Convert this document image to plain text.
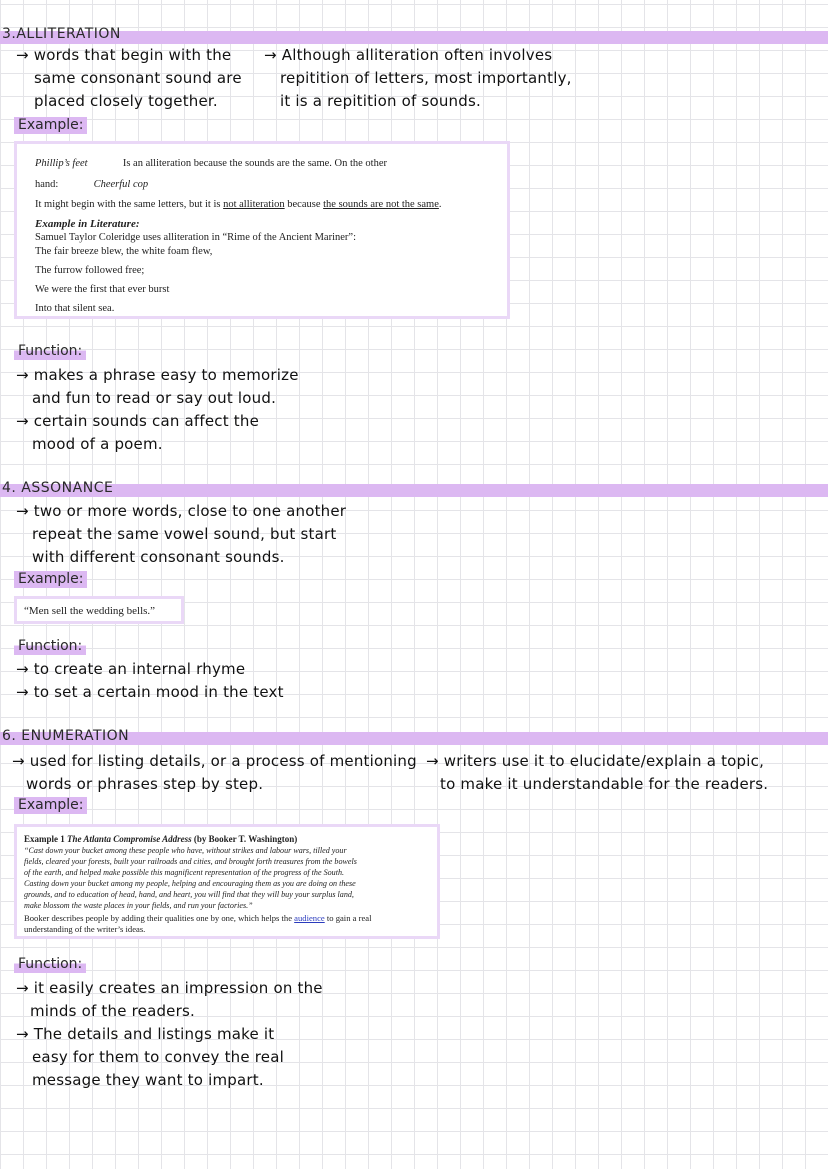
3.ALLITERATION
→ words that begin with the
same consonant sound are
placed closely together.
→ Although alliteration often involves
repitition of letters, most importantly,
it is a repitition of sounds.
Example:
Phillip’s feet	Is an alliteration because the sounds are the same. On the other
hand:	Cheerful cop
It might begin with the same letters, but it is not alliteration because the sounds are not the same.
Example in Literature:
Samuel Taylor Coleridge uses alliteration in “Rime of the Ancient Mariner”:
The fair breeze blew, the white foam flew,
The furrow followed free;
We were the first that ever burst
Into that silent sea.
Function:
→ makes a phrase easy to memorize
and fun to read or say out loud.
→ certain sounds can affect the
mood of a poem.
4. ASSONANCE
→ two or more words, close to one another
repeat the same vowel sound, but start
with different consonant sounds.
Example:
“Men sell the wedding bells.”
Function:
→ to create an internal rhyme
→ to set a certain mood in the text
6. ENUMERATION
→ used for listing details, or a process of mentioning
words or phrases step by step.
→ writers use it to elucidate/explain a topic,
to make it understandable for the readers.
Example:
Example 1 The Atlanta Compromise Address (by Booker T. Washington)
“Cast down your bucket among these people who have, without strikes and labour wars, tilled your
fields, cleared your forests, built your railroads and cities, and brought forth treasures from the bowels
of the earth, and helped make possible this magnificent representation of the progress of the South.
Casting down your bucket among my people, helping and encouraging them as you are doing on these
grounds, and to education of head, hand, and heart, you will find that they will buy your surplus land,
make blossom the waste places in your fields, and run your factories.”
Booker describes people by adding their qualities one by one, which helps the audience to gain a real
understanding of the writer’s ideas.
Function:
→ it easily creates an impression on the
minds of the readers.
→ The details and listings make it
easy for them to convey the real
message they want to impart.
